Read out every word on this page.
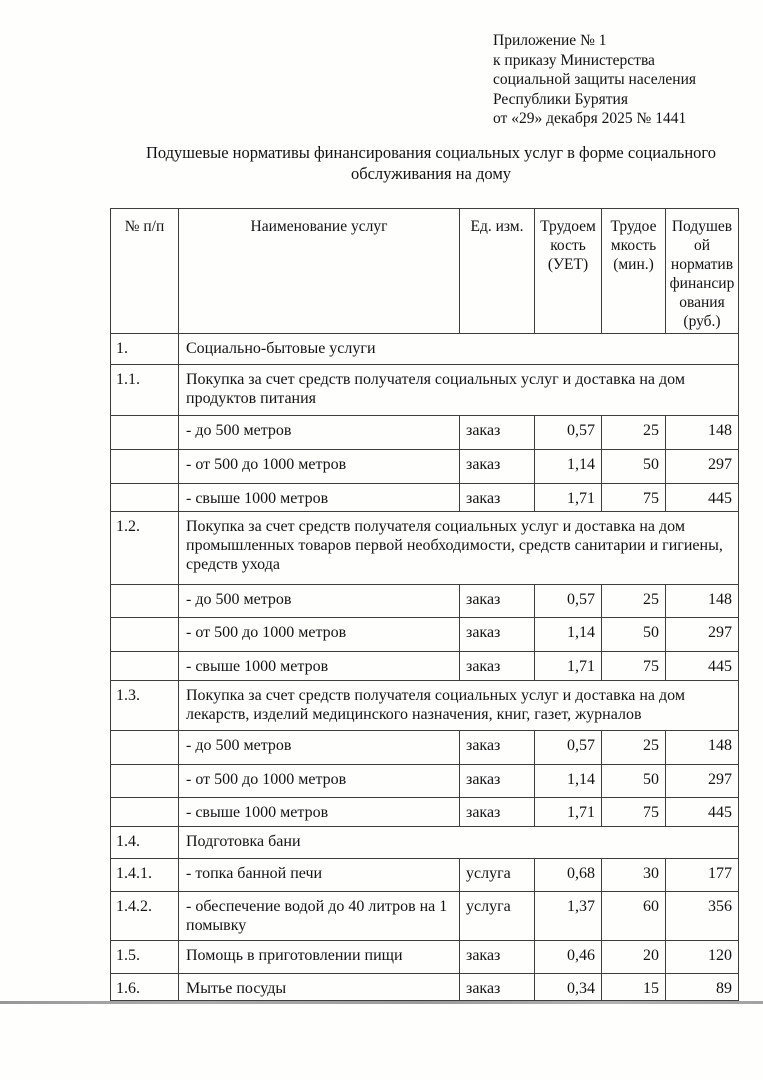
Приложение № 1
к приказу Министерства
социальной защиты населения
Республики Бурятия
от «29» декабря 2025 № 1441
Подушевые нормативы финансирования социальных услуг в форме социального обслуживания на дому
№ п/п	Наименование услуг	Ед. изм.	Трудоем кость (УЕТ)	Трудое мкость (мин.)	Подушев ой норматив финансир ования (руб.)
1.	Социально-бытовые услуги				
1.1.	Покупка за счет средств получателя социальных услуг и доставка на дом продуктов питания				
	- до 500 метров	заказ	0,57	25	148
	- от 500 до 1000 метров	заказ	1,14	50	297
	- свыше 1000 метров	заказ	1,71	75	445
1.2.	Покупка за счет средств получателя социальных услуг и доставка на дом промышленных товаров первой необходимости, средств санитарии и гигиены, средств ухода				
	- до 500 метров	заказ	0,57	25	148
	- от 500 до 1000 метров	заказ	1,14	50	297
	- свыше 1000 метров	заказ	1,71	75	445
1.3.	Покупка за счет средств получателя социальных услуг и доставка на дом лекарств, изделий медицинского назначения, книг, газет, журналов				
	- до 500 метров	заказ	0,57	25	148
	- от 500 до 1000 метров	заказ	1,14	50	297
	- свыше 1000 метров	заказ	1,71	75	445
1.4.	Подготовка бани				
1.4.1.	- топка банной печи	услуга	0,68	30	177
1.4.2.	- обеспечение водой до 40 литров на 1 помывку	услуга	1,37	60	356
1.5.	Помощь в приготовлении пищи	заказ	0,46	20	120
1.6.	Мытье посуды	заказ	0,34	15	89
